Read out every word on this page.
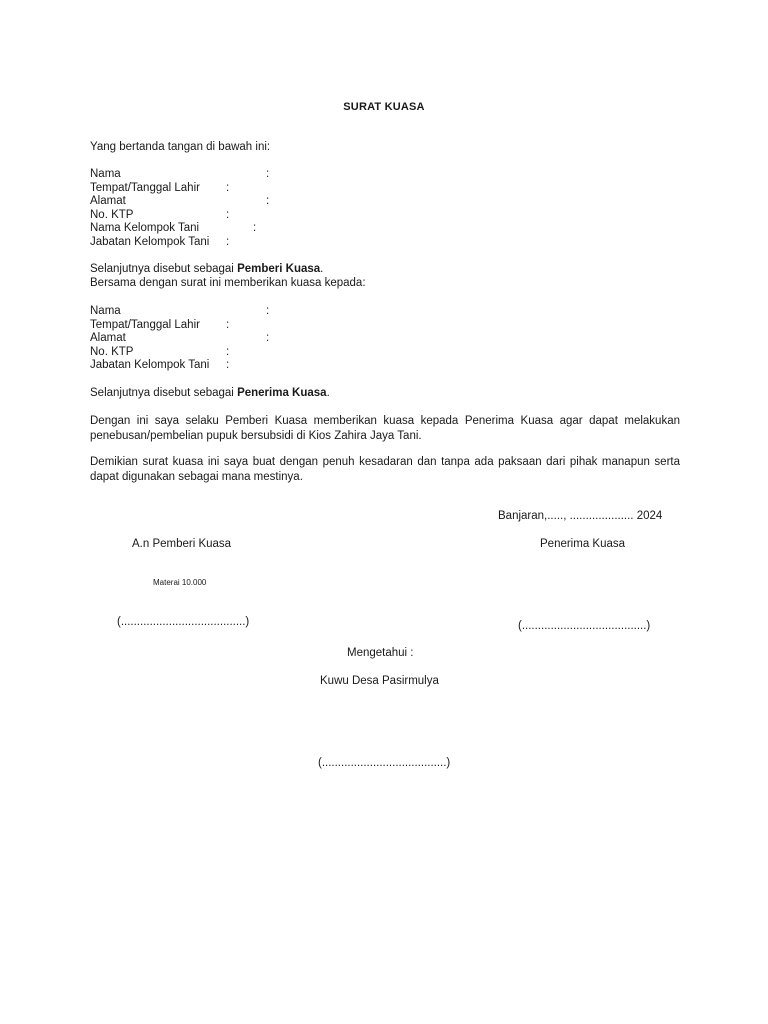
SURAT KUASA
Yang bertanda tangan di bawah ini:
Nama	:
Tempat/Tanggal Lahir :
Alamat	:
No. KTP	:
Nama Kelompok Tani	:
Jabatan Kelompok Tani :
Selanjutnya disebut sebagai Pemberi Kuasa.
Bersama dengan surat ini memberikan kuasa kepada:
Nama	:
Tempat/Tanggal Lahir :
Alamat	:
No. KTP	:
Jabatan Kelompok Tani :
Selanjutnya disebut sebagai Penerima Kuasa.
Dengan ini saya selaku Pemberi Kuasa memberikan kuasa kepada Penerima Kuasa agar dapat melakukan penebusan/pembelian pupuk bersubsidi di Kios Zahira Jaya Tani.
Demikian surat kuasa ini saya buat dengan penuh kesadaran dan tanpa ada paksaan dari pihak manapun serta dapat digunakan sebagai mana mestinya.
Banjaran,....., .................... 2024
A.n Pemberi Kuasa	Penerima Kuasa
Materai 10.000
(.......................................)	(.......................................)
Mengetahui :
Kuwu Desa Pasirmulya
(.......................................)
